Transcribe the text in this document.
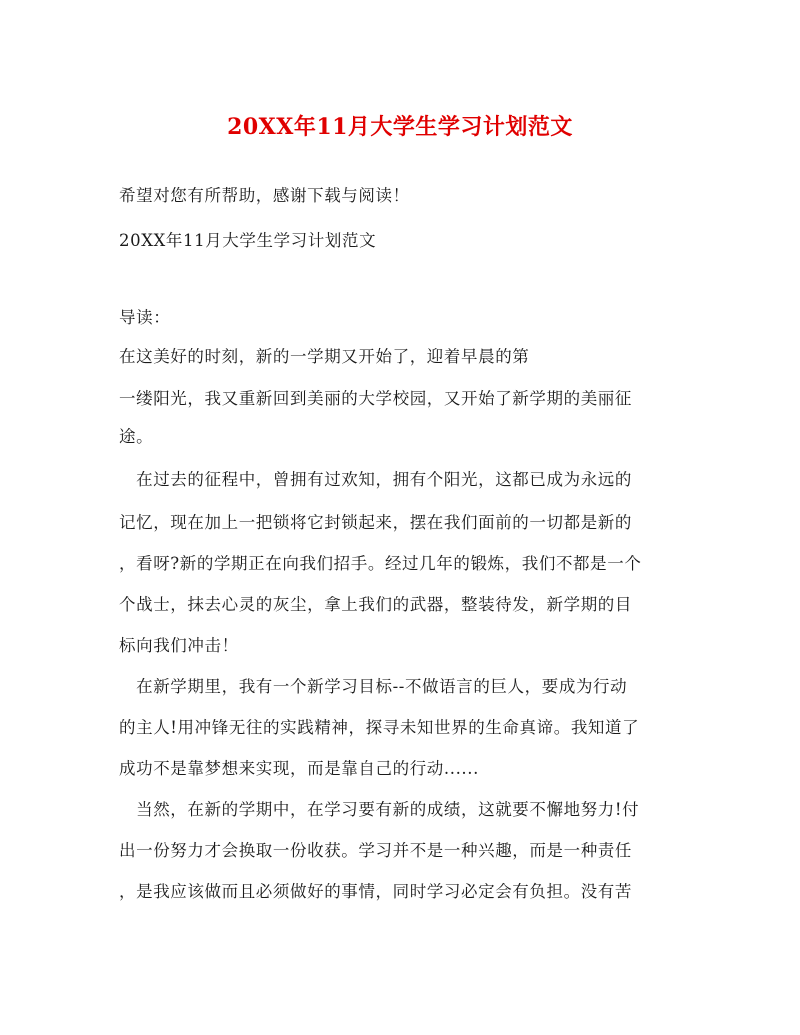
20XX年11月大学生学习计划范文
希望对您有所帮助，感谢下载与阅读！
20XX年11月大学生学习计划范文
导读：
在这美好的时刻，新的一学期又开始了，迎着早晨的第
一缕阳光，我又重新回到美丽的大学校园，又开始了新学期的美丽征
途。
　在过去的征程中，曾拥有过欢知，拥有个阳光，这都已成为永远的
记忆，现在加上一把锁将它封锁起来，摆在我们面前的一切都是新的
，看呀?新的学期正在向我们招手。经过几年的锻炼，我们不都是一个
个战士，抹去心灵的灰尘，拿上我们的武器，整装待发，新学期的目
标向我们冲击！
　在新学期里，我有一个新学习目标--不做语言的巨人，要成为行动
的主人!用冲锋无往的实践精神，探寻未知世界的生命真谛。我知道了
成功不是靠梦想来实现，而是靠自己的行动......
　当然，在新的学期中，在学习要有新的成绩，这就要不懈地努力!付
出一份努力才会换取一份收获。学习并不是一种兴趣，而是一种责任
，是我应该做而且必须做好的事情，同时学习必定会有负担。没有苦
